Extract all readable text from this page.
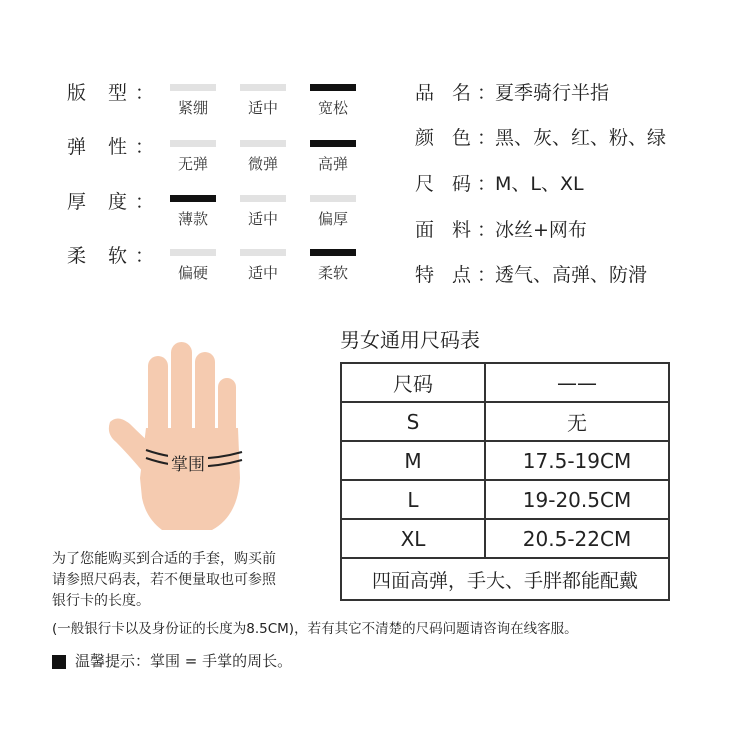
版 型：
紧绷	适中	宽松
弹 性：
无弹	微弹	高弹
厚 度：
薄款	适中	偏厚
柔 软：
偏硬	适中	柔软
品 名：夏季骑行半指
颜 色：黑、灰、红、粉、绿
尺 码：M、L、XL
面 料：冰丝+网布
特 点：透气、高弹、防滑
掌围
男女通用尺码表
尺码	——
S	无
M	17.5-19CM
L	19-20.5CM
XL	20.5-22CM
四面高弹，手大、手胖都能配戴	
为了您能购买到合适的手套，购买前
请参照尺码表，若不便量取也可参照
银行卡的长度。
(一般银行卡以及身份证的长度为8.5CM)，若有其它不清楚的尺码问题请咨询在线客服。
温馨提示：掌围 = 手掌的周长。
